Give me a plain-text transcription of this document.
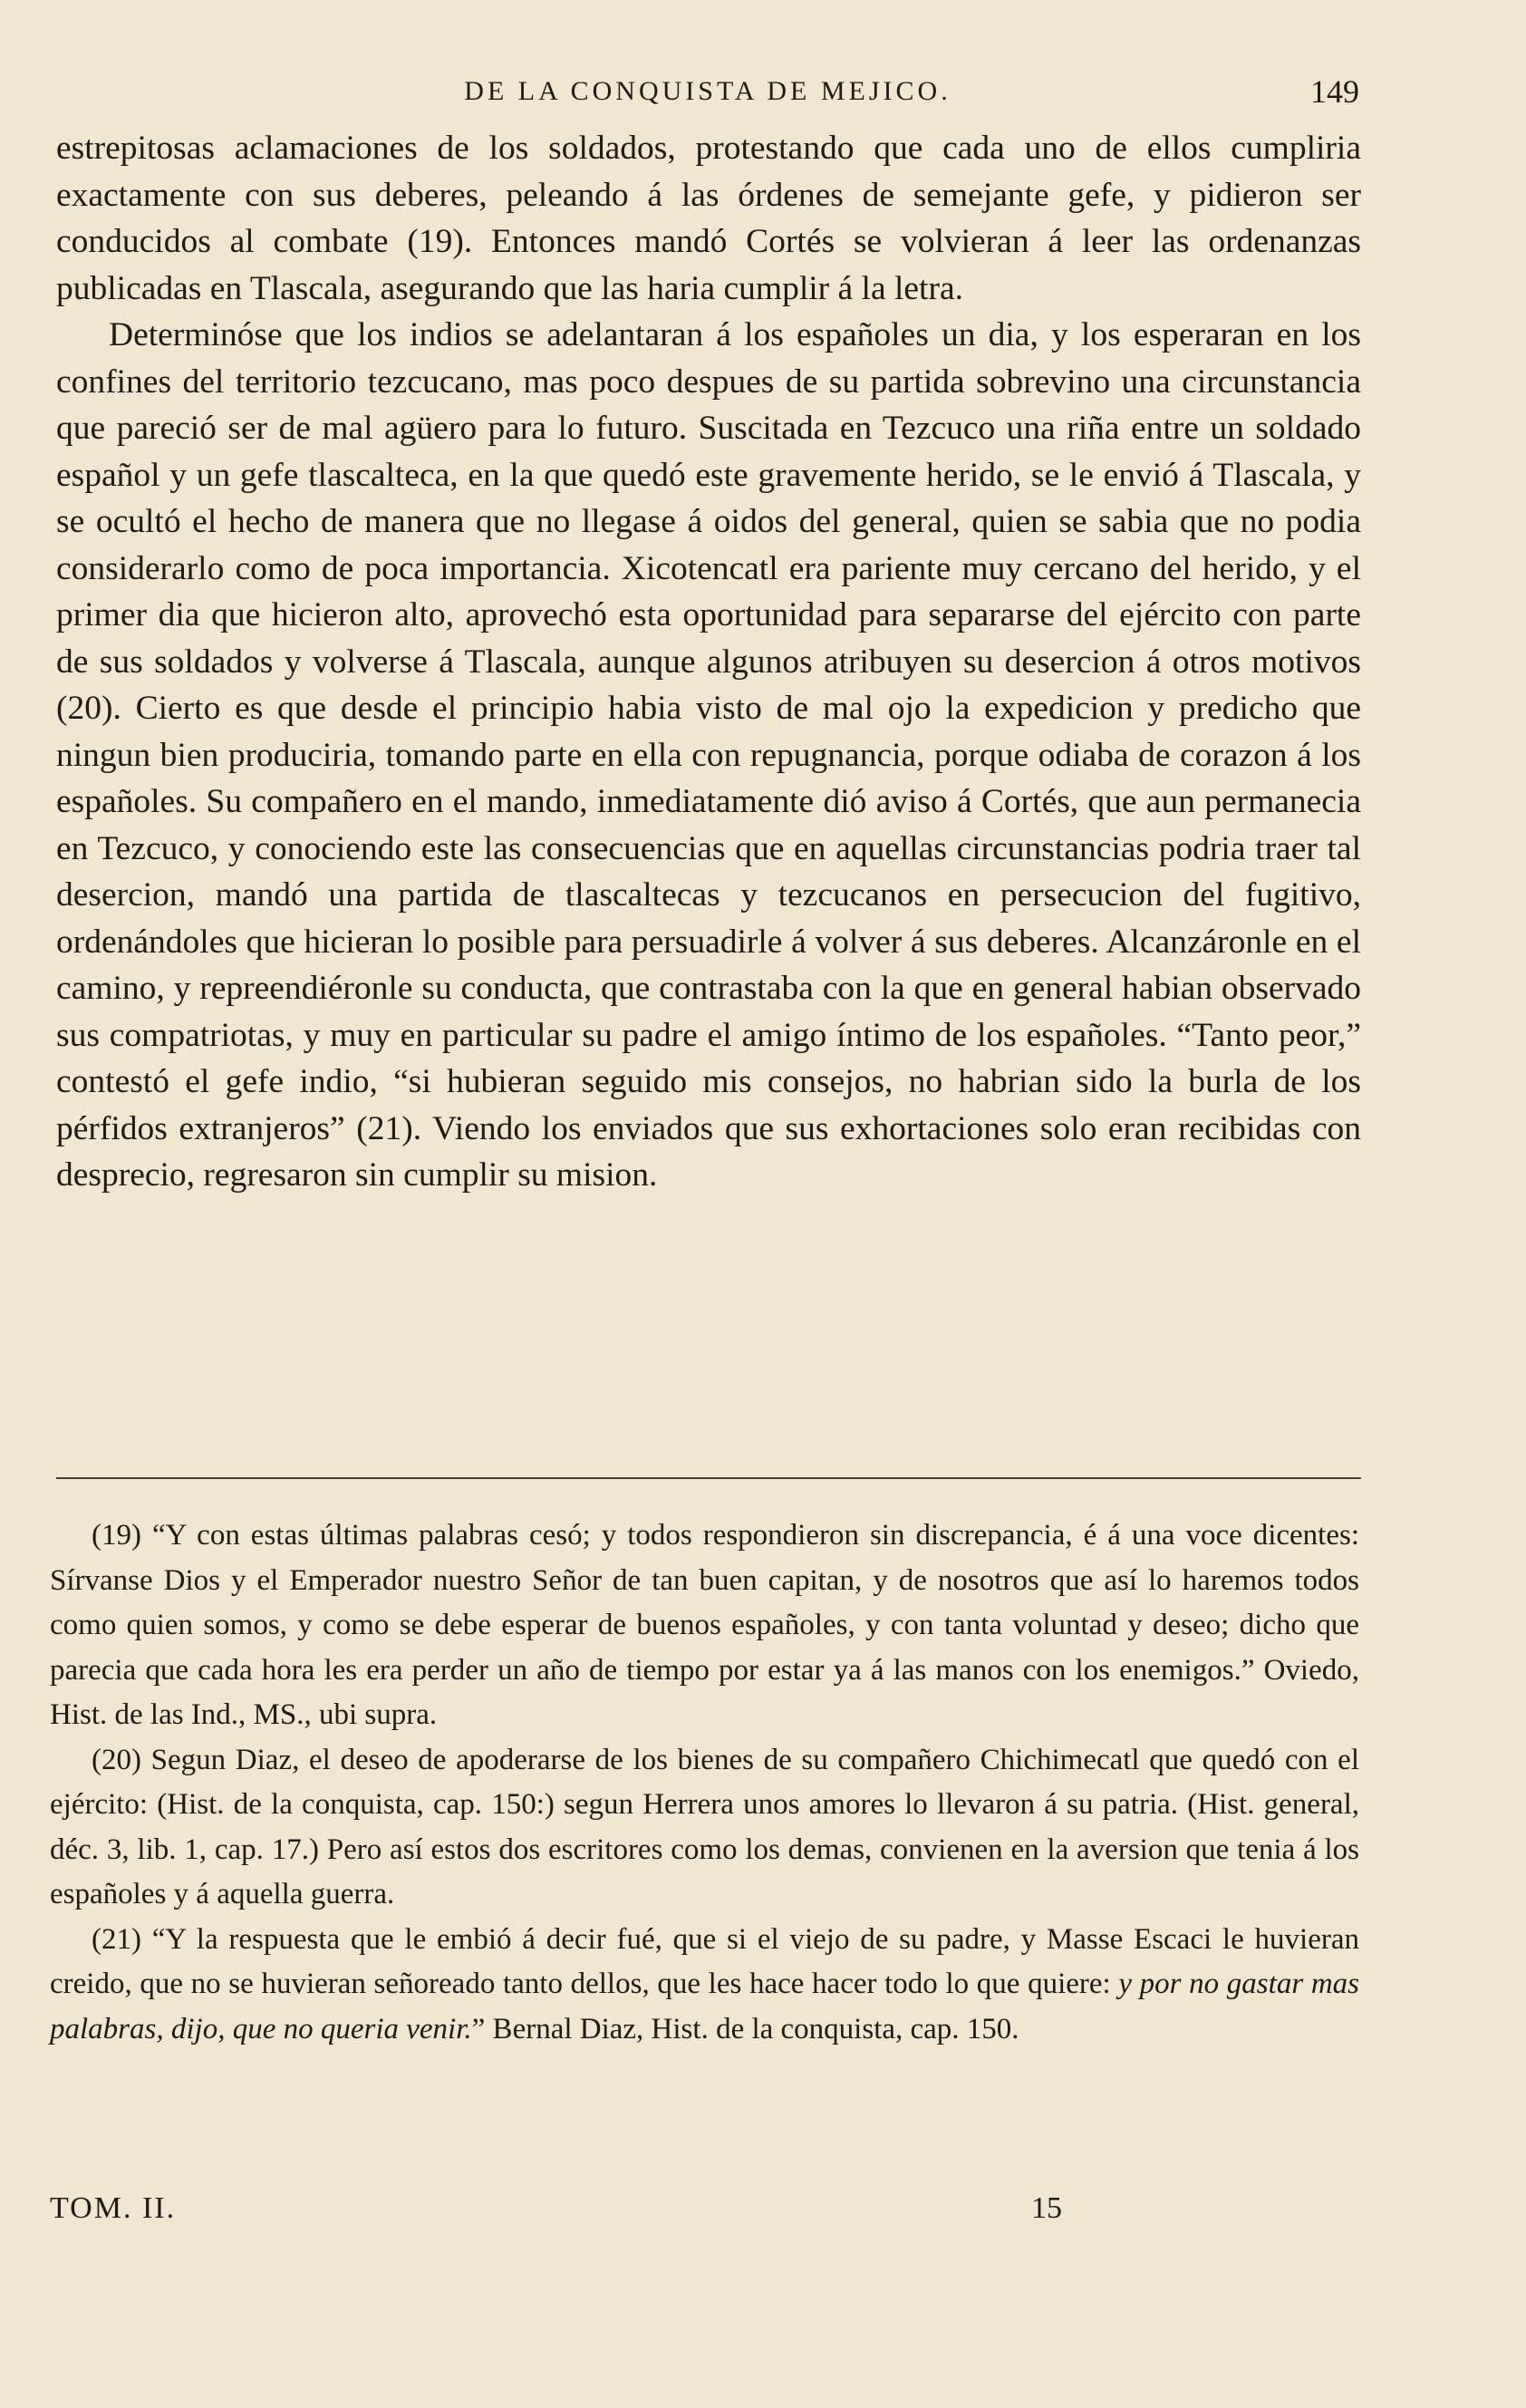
DE LA CONQUISTA DE MEJICO.	149

estrepitosas aclamaciones de los soldados, protestando que cada uno de ellos cumpliria exactamente con sus deberes, peleando á las órdenes de semejante gefe, y pidieron ser conducidos al combate (19). Entonces mandó Cortés se volvieran á leer las ordenanzas publicadas en Tlascala, asegurando que las haria cumplir á la letra.

Determinóse que los indios se adelantaran á los españoles un dia, y los esperaran en los confines del territorio tezcucano, mas poco despues de su partida sobrevino una circunstancia que pareció ser de mal agüero para lo futuro. Suscitada en Tezcuco una riña entre un soldado español y un gefe tlascalteca, en la que quedó este gravemente herido, se le envió á Tlascala, y se ocultó el hecho de manera que no llegase á oidos del general, quien se sabia que no podia considerarlo como de poca importancia. Xicotencatl era pariente muy cercano del herido, y el primer dia que hicieron alto, aprovechó esta oportunidad para separarse del ejército con parte de sus soldados y volverse á Tlascala, aunque algunos atribuyen su desercion á otros motivos (20). Cierto es que desde el principio habia visto de mal ojo la expedicion y predicho que ningun bien produciria, tomando parte en ella con repugnancia, porque odiaba de corazon á los españoles. Su compañero en el mando, inmediatamente dió aviso á Cortés, que aun permanecia en Tezcuco, y conociendo este las consecuencias que en aquellas circunstancias podria traer tal desercion, mandó una partida de tlascaltecas y tezcucanos en persecucion del fugitivo, ordenándoles que hicieran lo posible para persuadirle á volver á sus deberes. Alcanzáronle en el camino, y repreendiéronle su conducta, que contrastaba con la que en general habian observado sus compatriotas, y muy en particular su padre el amigo íntimo de los españoles. “Tanto peor,” contestó el gefe indio, “si hubieran seguido mis consejos, no habrian sido la burla de los pérfidos extranjeros” (21). Viendo los enviados que sus exhortaciones solo eran recibidas con desprecio, regresaron sin cumplir su mision.

(19) “Y con estas últimas palabras cesó; y todos respondieron sin discrepancia, é á una voce dicentes: Sírvanse Dios y el Emperador nuestro Señor de tan buen capitan, y de nosotros que así lo haremos todos como quien somos, y como se debe esperar de buenos españoles, y con tanta voluntad y deseo; dicho que parecia que cada hora les era perder un año de tiempo por estar ya á las manos con los enemigos.” Oviedo, Hist. de las Ind., MS., ubi supra.

(20) Segun Diaz, el deseo de apoderarse de los bienes de su compañero Chichimecatl que quedó con el ejército: (Hist. de la conquista, cap. 150:) segun Herrera unos amores lo llevaron á su patria. (Hist. general, déc. 3, lib. 1, cap. 17.) Pero así estos dos escritores como los demas, convienen en la aversion que tenia á los españoles y á aquella guerra.

(21) “Y la respuesta que le embió á decir fué, que si el viejo de su padre, y Masse Escaci le huvieran creido, que no se huvieran señoreado tanto dellos, que les hace hacer todo lo que quiere: y por no gastar mas palabras, dijo, que no queria venir.” Bernal Diaz, Hist. de la conquista, cap. 150.

TOM. II.	15
